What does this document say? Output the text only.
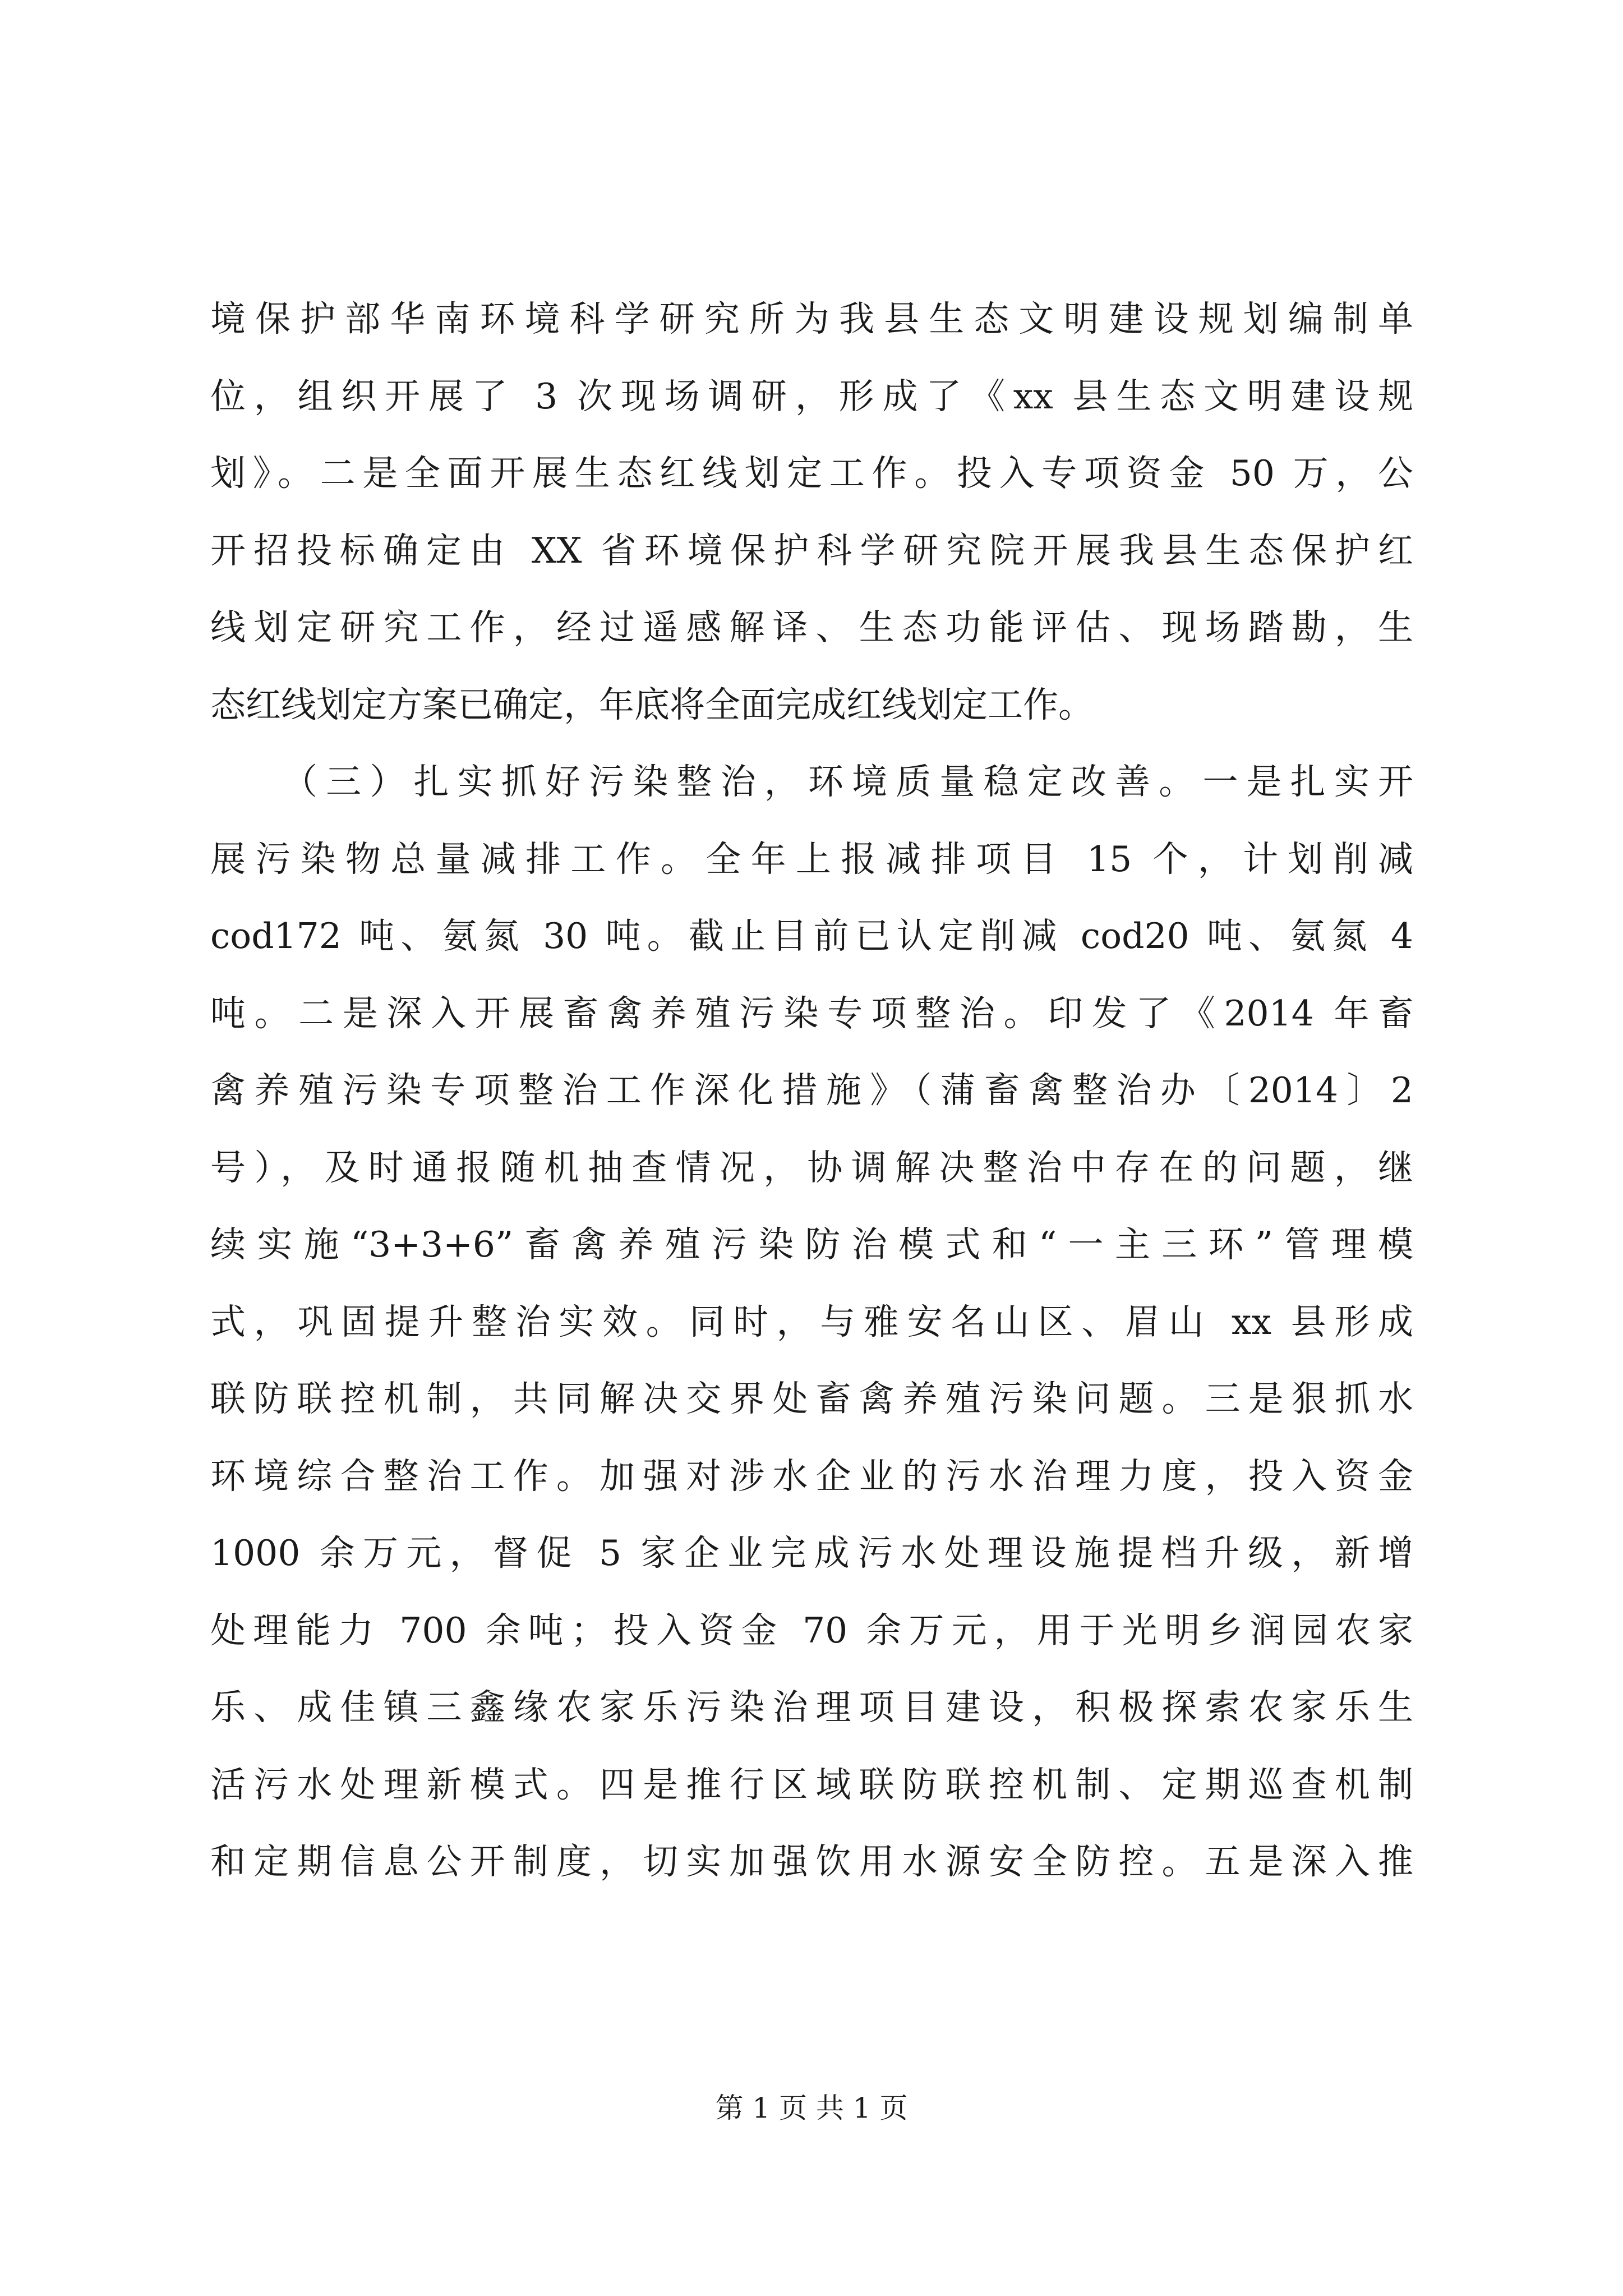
境保护部华南环境科学研究所为我县生态文明建设规划编制单
位，组织开展了 3 次现场调研，形成了《xx 县生态文明建设规
划》。二是全面开展生态红线划定工作。投入专项资金 50 万，公
开招投标确定由 XX 省环境保护科学研究院开展我县生态保护红
线划定研究工作，经过遥感解译、生态功能评估、现场踏勘，生
态红线划定方案已确定，年底将全面完成红线划定工作。
（三）扎实抓好污染整治，环境质量稳定改善。一是扎实开
展污染物总量减排工作。全年上报减排项目 15 个，计划削减
cod172 吨、氨氮 30 吨。截止目前已认定削减 cod20 吨、氨氮 4
吨。二是深入开展畜禽养殖污染专项整治。印发了《2014 年畜
禽养殖污染专项整治工作深化措施》（蒲畜禽整治办〔2014〕2
号），及时通报随机抽查情况，协调解决整治中存在的问题，继
续实施“3+3+6”畜禽养殖污染防治模式和“一主三环”管理模
式，巩固提升整治实效。同时，与雅安名山区、眉山 xx 县形成
联防联控机制，共同解决交界处畜禽养殖污染问题。三是狠抓水
环境综合整治工作。加强对涉水企业的污水治理力度，投入资金
1000 余万元，督促 5 家企业完成污水处理设施提档升级，新增
处理能力 700 余吨；投入资金 70 余万元，用于光明乡润园农家
乐、成佳镇三鑫缘农家乐污染治理项目建设，积极探索农家乐生
活污水处理新模式。四是推行区域联防联控机制、定期巡查机制
和定期信息公开制度，切实加强饮用水源安全防控。五是深入推
第 1 页 共 1 页
